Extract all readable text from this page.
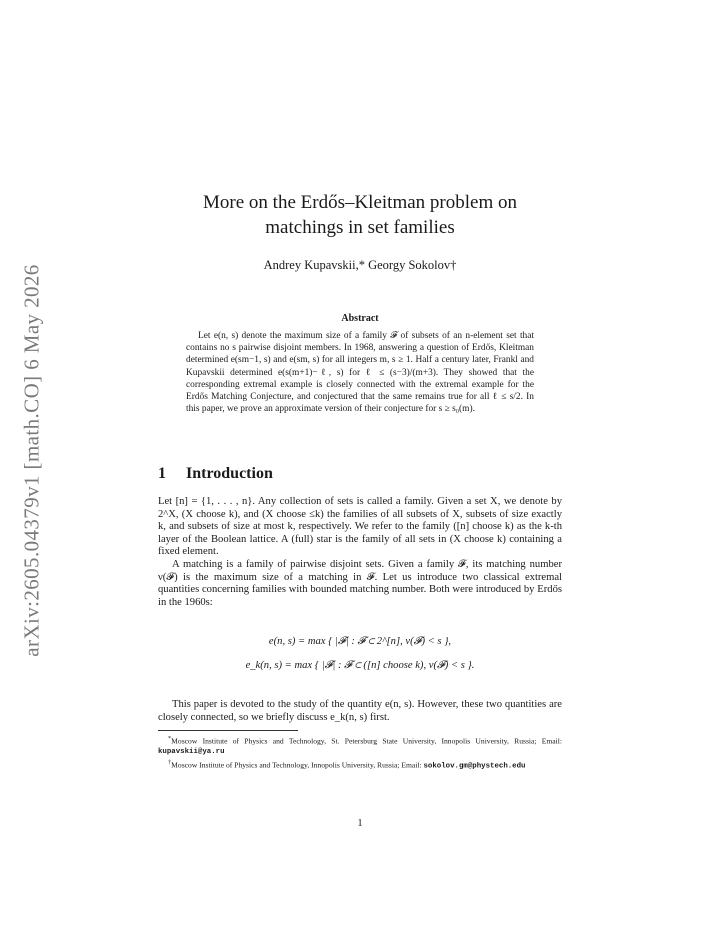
arXiv:2605.04379v1 [math.CO] 6 May 2026
More on the Erdős–Kleitman problem on
matchings in set families
Andrey Kupavskii,* Georgy Sokolov†
Abstract
Let e(n, s) denote the maximum size of a family 𝓕 of subsets of an n-element set that contains no s pairwise disjoint members. In 1968, answering a question of Erdős, Kleitman determined e(sm−1, s) and e(sm, s) for all integers m, s ≥ 1. Half a century later, Frankl and Kupavskii determined e(s(m+1)−ℓ, s) for ℓ ≤ (s−3)/(m+3). They showed that the corresponding extremal example is closely connected with the extremal example for the Erdős Matching Conjecture, and conjectured that the same remains true for all ℓ ≤ s/2. In this paper, we prove an approximate version of their conjecture for s ≥ s₀(m).
1 Introduction

Let [n] = {1, . . . , n}. Any collection of sets is called a family. Given a set X, we denote by 2^X, (X choose k), and (X choose ≤k) the families of all subsets of X, subsets of size exactly k, and subsets of size at most k, respectively. We refer to the family ([n] choose k) as the k-th layer of the Boolean lattice. A (full) star is the family of all sets in (X choose k) containing a fixed element.

A matching is a family of pairwise disjoint sets. Given a family 𝓕, its matching number ν(𝓕) is the maximum size of a matching in 𝓕. Let us introduce two classical extremal quantities concerning families with bounded matching number. Both were introduced by Erdős in the 1960s:

e(n, s) = max { |𝓕| : 𝓕 ⊂ 2^[n], ν(𝓕) < s },
e_k(n, s) = max { |𝓕| : 𝓕 ⊂ ([n] choose k), ν(𝓕) < s }.

This paper is devoted to the study of the quantity e(n, s). However, these two quantities are closely connected, so we briefly discuss e_k(n, s) first.

*Moscow Institute of Physics and Technology, St. Petersburg State University, Innopolis University, Russia; Email: kupavskii@ya.ru

†Moscow Institute of Physics and Technology, Innopolis University, Russia; Email: sokolov.gm@phystech.edu

1
